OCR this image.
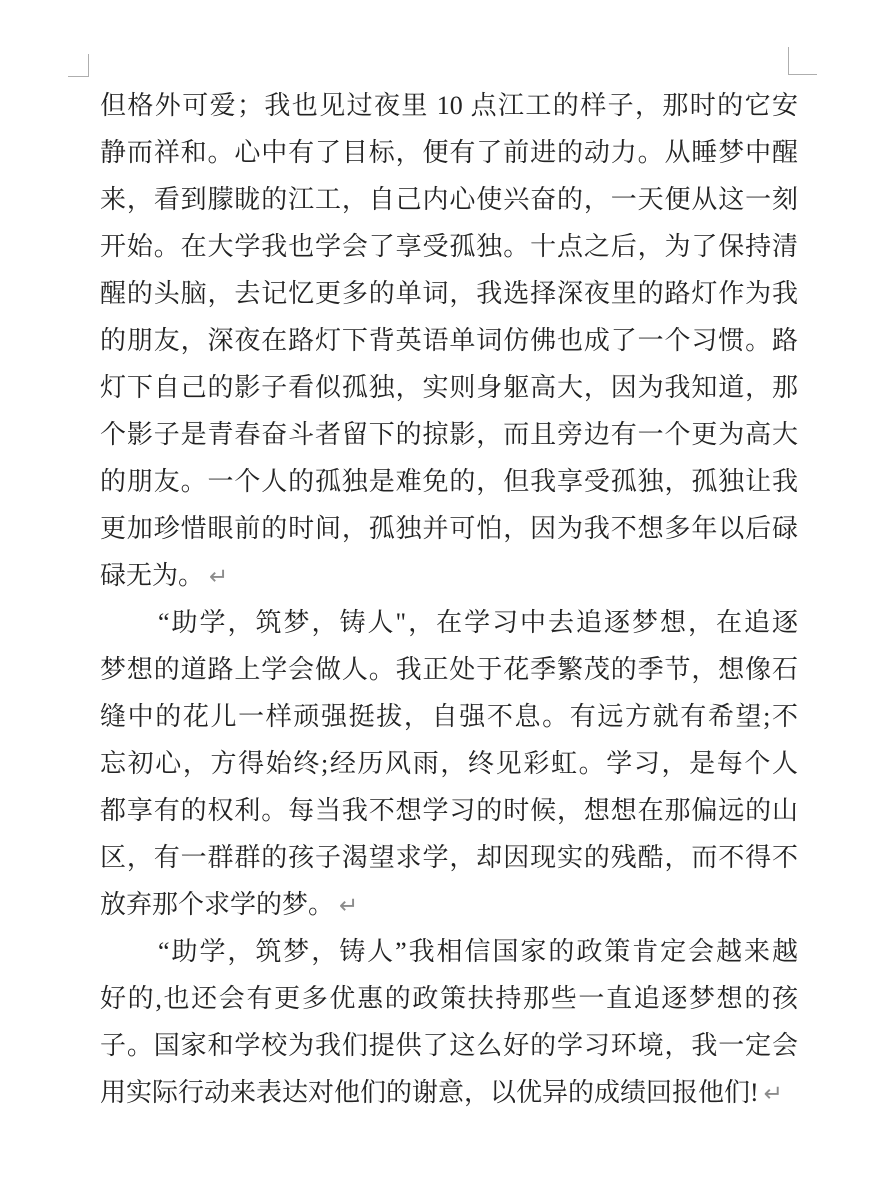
但格外可爱；我也见过夜里 10 点江工的样子，那时的它安
静而祥和。心中有了目标，便有了前进的动力。从睡梦中醒
来，看到朦眬的江工，自己内心使兴奋的，一天便从这一刻
开始。在大学我也学会了享受孤独。十点之后，为了保持清
醒的头脑，去记忆更多的单词，我选择深夜里的路灯作为我
的朋友，深夜在路灯下背英语单词仿佛也成了一个习惯。路
灯下自己的影子看似孤独，实则身躯高大，因为我知道，那
个影子是青春奋斗者留下的掠影，而且旁边有一个更为高大
的朋友。一个人的孤独是难免的，但我享受孤独，孤独让我
更加珍惜眼前的时间，孤独并可怕，因为我不想多年以后碌
碌无为。 ↵
“助学，筑梦，铸人"，在学习中去追逐梦想，在追逐
梦想的道路上学会做人。我正处于花季繁茂的季节，想像石
缝中的花儿一样顽强挺拔，自强不息。有远方就有希望;不
忘初心，方得始终;经历风雨，终见彩虹。学习，是每个人
都享有的权利。每当我不想学习的时候，想想在那偏远的山
区，有一群群的孩子渴望求学，却因现实的残酷，而不得不
放弃那个求学的梦。 ↵
“助学，筑梦，铸人”我相信国家的政策肯定会越来越
好的,也还会有更多优惠的政策扶持那些一直追逐梦想的孩
子。国家和学校为我们提供了这么好的学习环境，我一定会
用实际行动来表达对他们的谢意，以优异的成绩回报他们! ↵
